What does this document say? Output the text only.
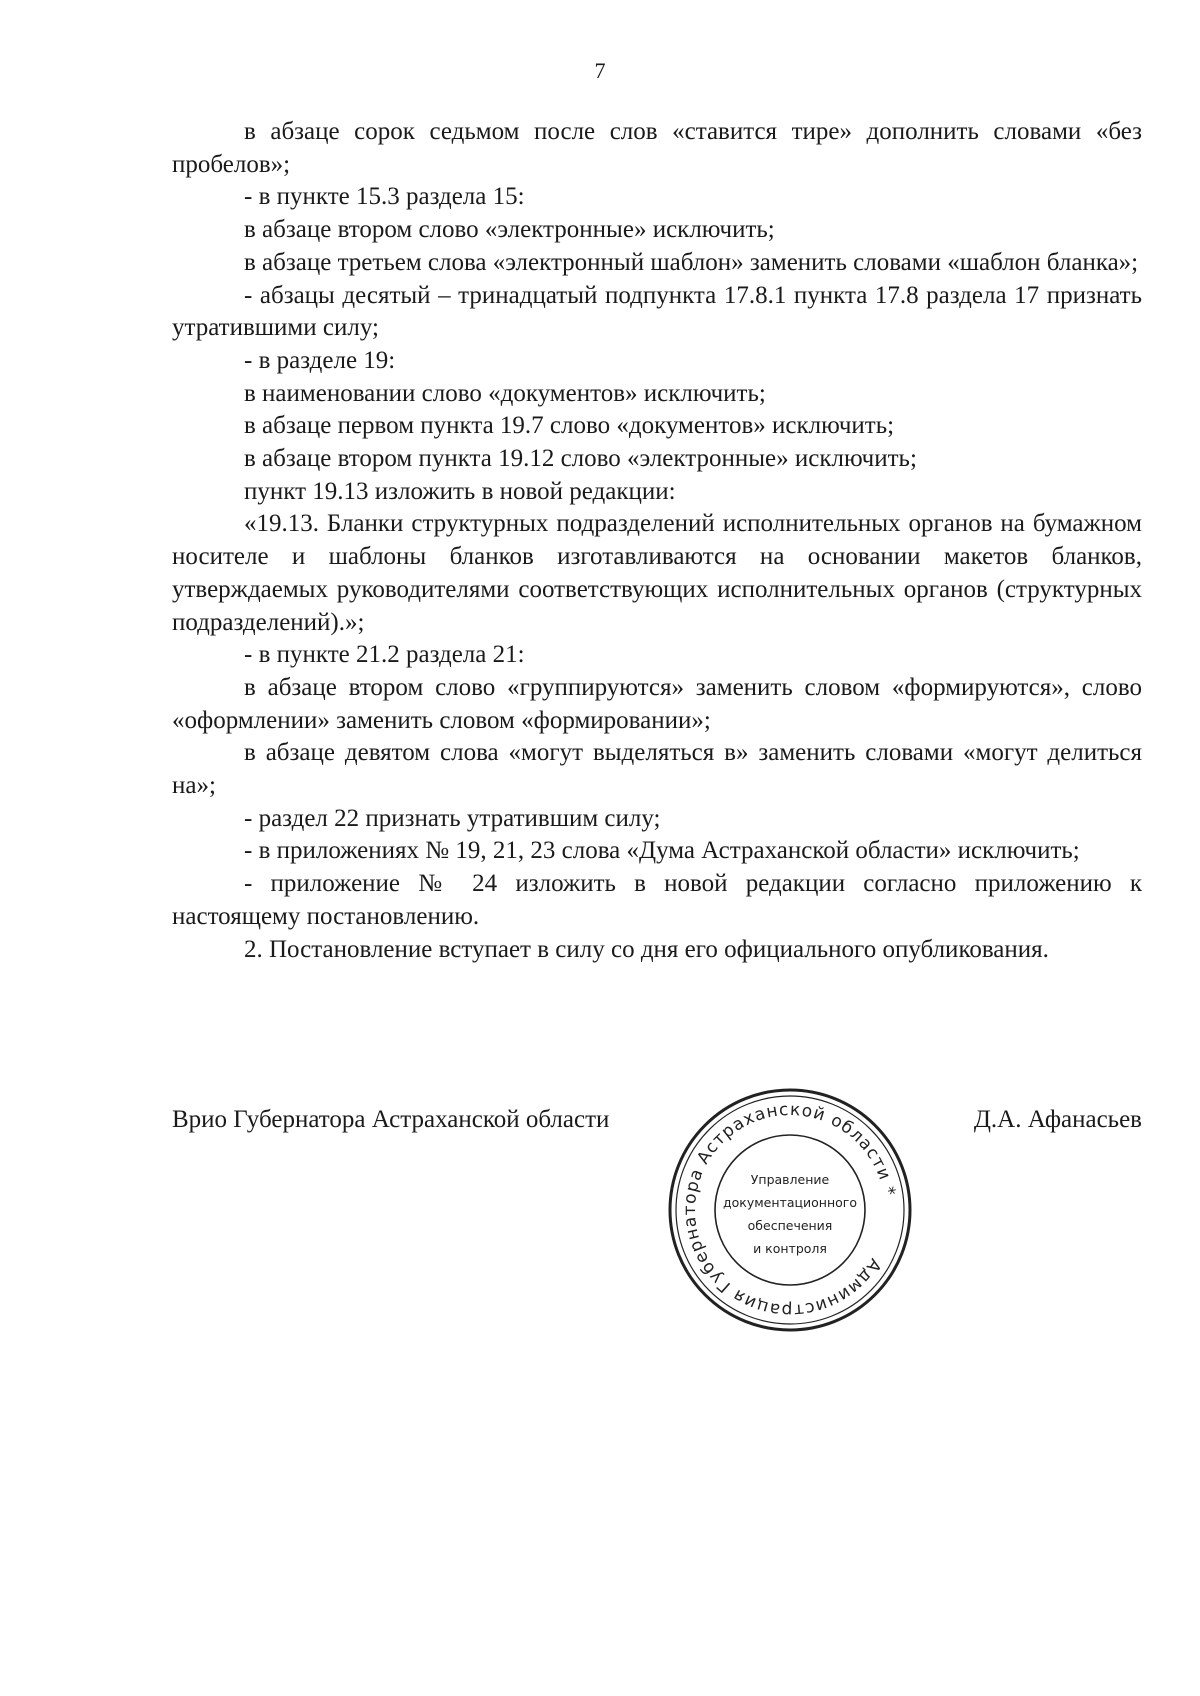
7

в абзаце сорок седьмом после слов «ставится тире» дополнить словами «без пробелов»;

- в пункте 15.3 раздела 15:

в абзаце втором слово «электронные» исключить;

в абзаце третьем слова «электронный шаблон» заменить словами «шаблон бланка»;

- абзацы десятый – тринадцатый подпункта 17.8.1 пункта 17.8 раздела 17 признать утратившими силу;

- в разделе 19:

в наименовании слово «документов» исключить;

в абзаце первом пункта 19.7 слово «документов» исключить;

в абзаце втором пункта 19.12 слово «электронные» исключить;

пункт 19.13 изложить в новой редакции:

«19.13. Бланки структурных подразделений исполнительных органов на бумажном носителе и шаблоны бланков изготавливаются на основании макетов бланков, утверждаемых руководителями соответствующих исполнительных органов (структурных подразделений).»;

- в пункте 21.2 раздела 21:

в абзаце втором слово «группируются» заменить словом «формируются», слово «оформлении» заменить словом «формировании»;

в абзаце девятом слова «могут выделяться в» заменить словами «могут делиться на»;

- раздел 22 признать утратившим силу;

- в приложениях № 19, 21, 23 слова «Дума Астраханской области» исключить;

- приложение № 24 изложить в новой редакции согласно приложению к настоящему постановлению.

2. Постановление вступает в силу со дня его официального опубликования.

Врио Губернатора Астраханской области	Д.А. Афанасьев
Администрация Губернатора Астраханской области *
Управление
документационного
обеспечения
и контроля
